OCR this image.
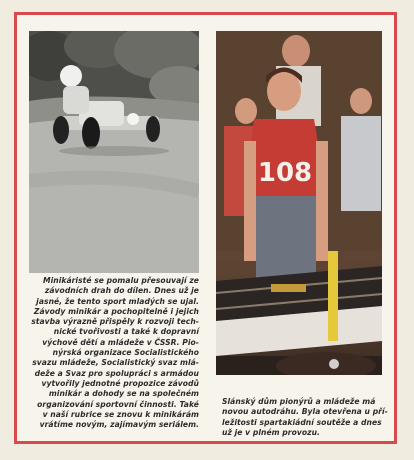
108
Minikáristé se pomalu přesouvají ze
závodních drah do dílen. Dnes už je
jasné, že tento sport mladých se ujal.
Závody minikár a pochopitelně i jejich
stavba výrazně přispěly k rozvoji tech-
nické tvořivosti a také k dopravní
výchově dětí a mládeže v ČSSR. Pio-
nýrská organizace Socialistického
svazu mládeže, Socialistický svaz mlá-
deže a Svaz pro spolupráci s armádou
vytvořily jednotné propozice závodů
minikár a dohody se na společném
organizování sportovní činnosti. Také
v naší rubrice se znovu k minikárám
vrátíme novým, zajímavým seriálem.
Slánský dům pionýrů a mládeže má
novou autodráhu. Byla otevřena u pří-
ležitosti spartakiádní soutěže a dnes
už je v plném provozu.
